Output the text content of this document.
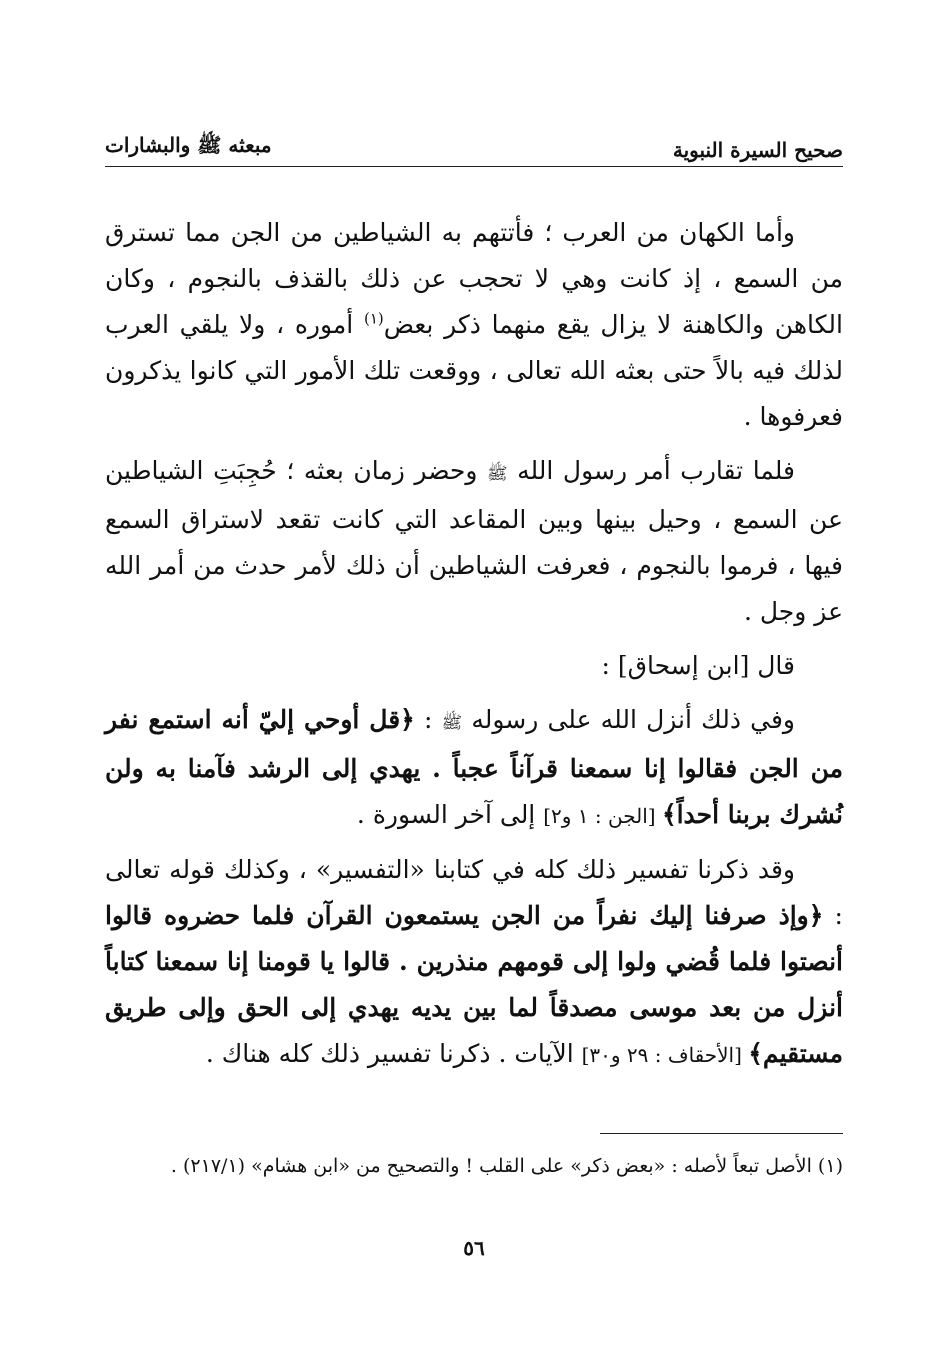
صحيح السيرة النبوية
مبعثه ﷺ والبشارات

وأما الكهان من العرب ؛ فأتتهم به الشياطين من الجن مما تسترق من السمع ، إذ كانت وهي لا تحجب عن ذلك بالقذف بالنجوم ، وكان الكاهن والكاهنة لا يزال يقع منهما ذكر بعض$^{(١)}$ أموره ، ولا يلقي العرب لذلك فيه بالاً حتى بعثه الله تعالى ، ووقعت تلك الأمور التي كانوا يذكرون فعرفوها .

فلما تقارب أمر رسول الله ﷺ وحضر زمان بعثه ؛ حُجِبَتِ الشياطين عن السمع ، وحيل بينها وبين المقاعد التي كانت تقعد لاستراق السمع فيها ، فرموا بالنجوم ، فعرفت الشياطين أن ذلك لأمر حدث من أمر الله عز وجل .

قال [ابن إسحاق] :

وفي ذلك أنزل الله على رسوله ﷺ : ﴿قل أوحي إليّ أنه استمع نفر من الجن فقالوا إنا سمعنا قرآناً عجباً . يهدي إلى الرشد فآمنا به ولن نُشرك بربنا أحداً﴾ [الجن : ١ و٢] إلى آخر السورة .

وقد ذكرنا تفسير ذلك كله في كتابنا «التفسير» ، وكذلك قوله تعالى : ﴿وإذ صرفنا إليك نفراً من الجن يستمعون القرآن فلما حضروه قالوا أنصتوا فلما قُضي ولوا إلى قومهم منذرين . قالوا يا قومنا إنا سمعنا كتاباً أنزل من بعد موسى مصدقاً لما بين يديه يهدي إلى الحق وإلى طريق مستقيم﴾ [الأحقاف : ٢٩ و٣٠] الآيات . ذكرنا تفسير ذلك كله هناك .

(١) الأصل تبعاً لأصله : «بعض ذكر» على القلب ! والتصحيح من «ابن هشام» (٢١٧/١) .
٥٦
